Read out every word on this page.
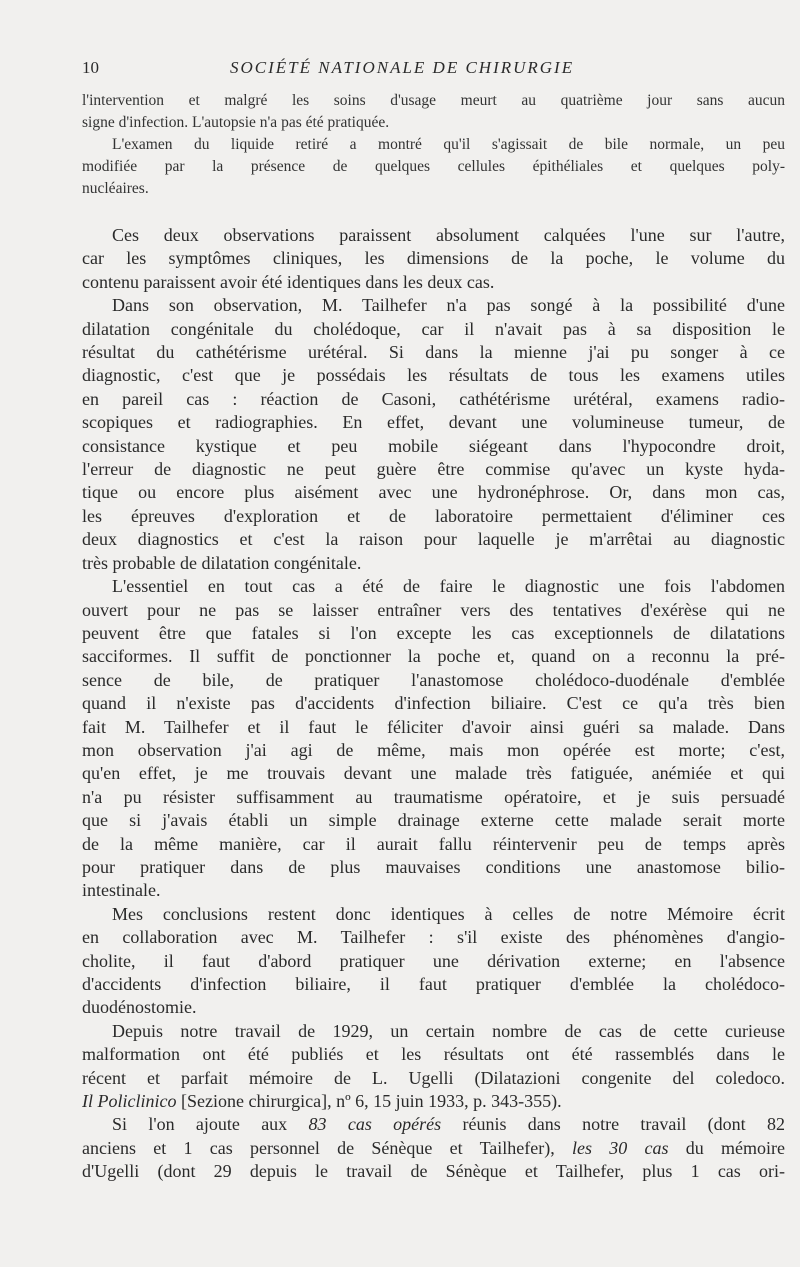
10	SOCIÉTÉ NATIONALE DE CHIRURGIE
l'intervention et malgré les soins d'usage meurt au quatrième jour sans aucun
signe d'infection. L'autopsie n'a pas été pratiquée.
L'examen du liquide retiré a montré qu'il s'agissait de bile normale, un peu
modifiée par la présence de quelques cellules épithéliales et quelques poly-
nucléaires.
Ces deux observations paraissent absolument calquées l'une sur l'autre,
car les symptômes cliniques, les dimensions de la poche, le volume du
contenu paraissent avoir été identiques dans les deux cas.
Dans son observation, M. Tailhefer n'a pas songé à la possibilité d'une
dilatation congénitale du cholédoque, car il n'avait pas à sa disposition le
résultat du cathétérisme urétéral. Si dans la mienne j'ai pu songer à ce
diagnostic, c'est que je possédais les résultats de tous les examens utiles
en pareil cas : réaction de Casoni, cathétérisme urétéral, examens radio-
scopiques et radiographies. En effet, devant une volumineuse tumeur, de
consistance kystique et peu mobile siégeant dans l'hypocondre droit,
l'erreur de diagnostic ne peut guère être commise qu'avec un kyste hyda-
tique ou encore plus aisément avec une hydronéphrose. Or, dans mon cas,
les épreuves d'exploration et de laboratoire permettaient d'éliminer ces
deux diagnostics et c'est la raison pour laquelle je m'arrêtai au diagnostic
très probable de dilatation congénitale.
L'essentiel en tout cas a été de faire le diagnostic une fois l'abdomen
ouvert pour ne pas se laisser entraîner vers des tentatives d'exérèse qui ne
peuvent être que fatales si l'on excepte les cas exceptionnels de dilatations
sacciformes. Il suffit de ponctionner la poche et, quand on a reconnu la pré-
sence de bile, de pratiquer l'anastomose cholédoco-duodénale d'emblée
quand il n'existe pas d'accidents d'infection biliaire. C'est ce qu'a très bien
fait M. Tailhefer et il faut le féliciter d'avoir ainsi guéri sa malade. Dans
mon observation j'ai agi de même, mais mon opérée est morte; c'est,
qu'en effet, je me trouvais devant une malade très fatiguée, anémiée et qui
n'a pu résister suffisamment au traumatisme opératoire, et je suis persuadé
que si j'avais établi un simple drainage externe cette malade serait morte
de la même manière, car il aurait fallu réintervenir peu de temps après
pour pratiquer dans de plus mauvaises conditions une anastomose bilio-
intestinale.
Mes conclusions restent donc identiques à celles de notre Mémoire écrit
en collaboration avec M. Tailhefer : s'il existe des phénomènes d'angio-
cholite, il faut d'abord pratiquer une dérivation externe; en l'absence
d'accidents d'infection biliaire, il faut pratiquer d'emblée la cholédoco-
duodénostomie.
Depuis notre travail de 1929, un certain nombre de cas de cette curieuse
malformation ont été publiés et les résultats ont été rassemblés dans le
récent et parfait mémoire de L. Ugelli (Dilatazioni congenite del coledoco.
Il Policlinico [Sezione chirurgica], nº 6, 15 juin 1933, p. 343-355).
Si l'on ajoute aux 83 cas opérés réunis dans notre travail (dont 82
anciens et 1 cas personnel de Sénèque et Tailhefer), les 30 cas du mémoire
d'Ugelli (dont 29 depuis le travail de Sénèque et Tailhefer, plus 1 cas ori-
